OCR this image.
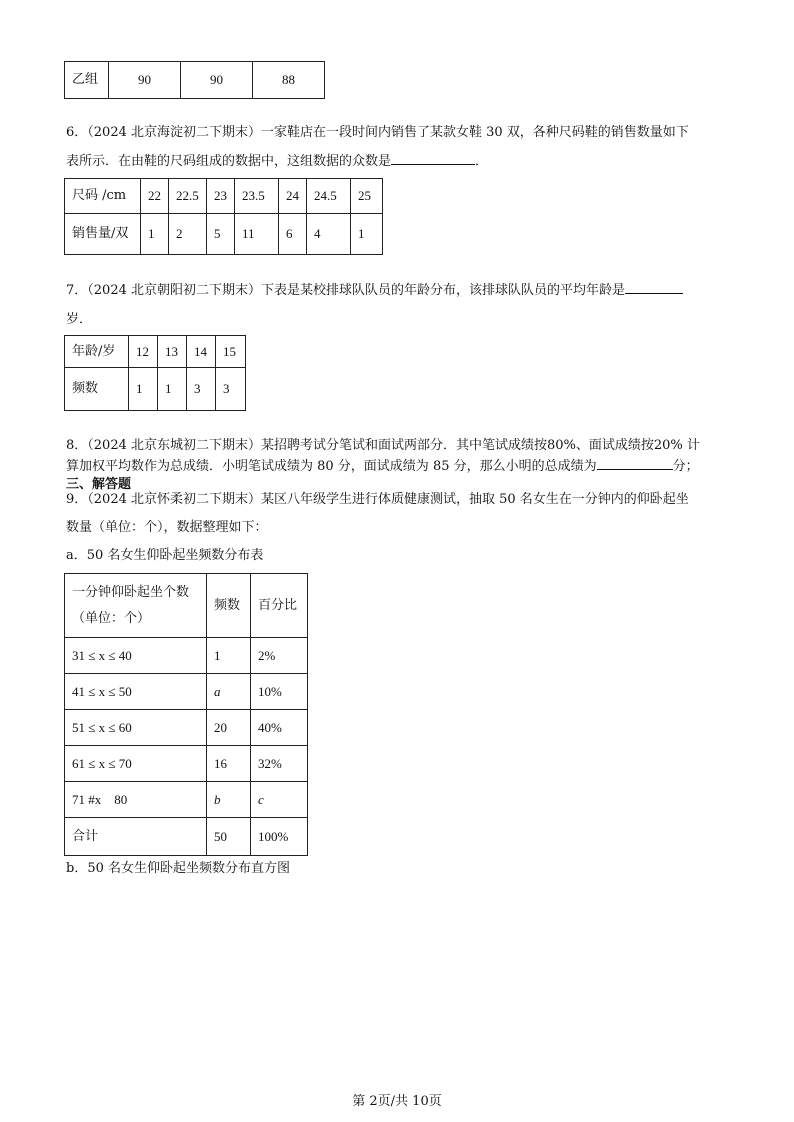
乙组	90	90	88
6．（2024 北京海淀初二下期末）一家鞋店在一段时间内销售了某款女鞋 30 双，各种尺码鞋的销售数量如下
表所示．在由鞋的尺码组成的数据中，这组数据的众数是	．
尺码 /cm	22	22.5	23	23.5	24	24.5	25
销售量/双	1	2	5	11	6	4	1
7．（2024 北京朝阳初二下期末）下表是某校排球队队员的年龄分布，该排球队队员的平均年龄是
岁．
年龄/岁	12	13	14	15
频数	1	1	3	3
8．（2024 北京东城初二下期末）某招聘考试分笔试和面试两部分．其中笔试成绩按80%、面试成绩按20% 计
算加权平均数作为总成绩．小明笔试成绩为 80 分，面试成绩为 85 分，那么小明的总成绩为	分；
三、解答题
9．（2024 北京怀柔初二下期末）某区八年级学生进行体质健康测试，抽取 50 名女生在一分钟内的仰卧起坐
数量（单位：个），数据整理如下：
a．50 名女生仰卧起坐频数分布表
一分钟仰卧起坐个数
（单位：个）	频数	百分比
31 ≤ x ≤ 40	1	2%
41 ≤ x ≤ 50	a	10%
51 ≤ x ≤ 60	20	40%
61 ≤ x ≤ 70	16	32%
71 #x　80	b	c
合计	50	100%
b．50 名女生仰卧起坐频数分布直方图
第 2页/共 10页
